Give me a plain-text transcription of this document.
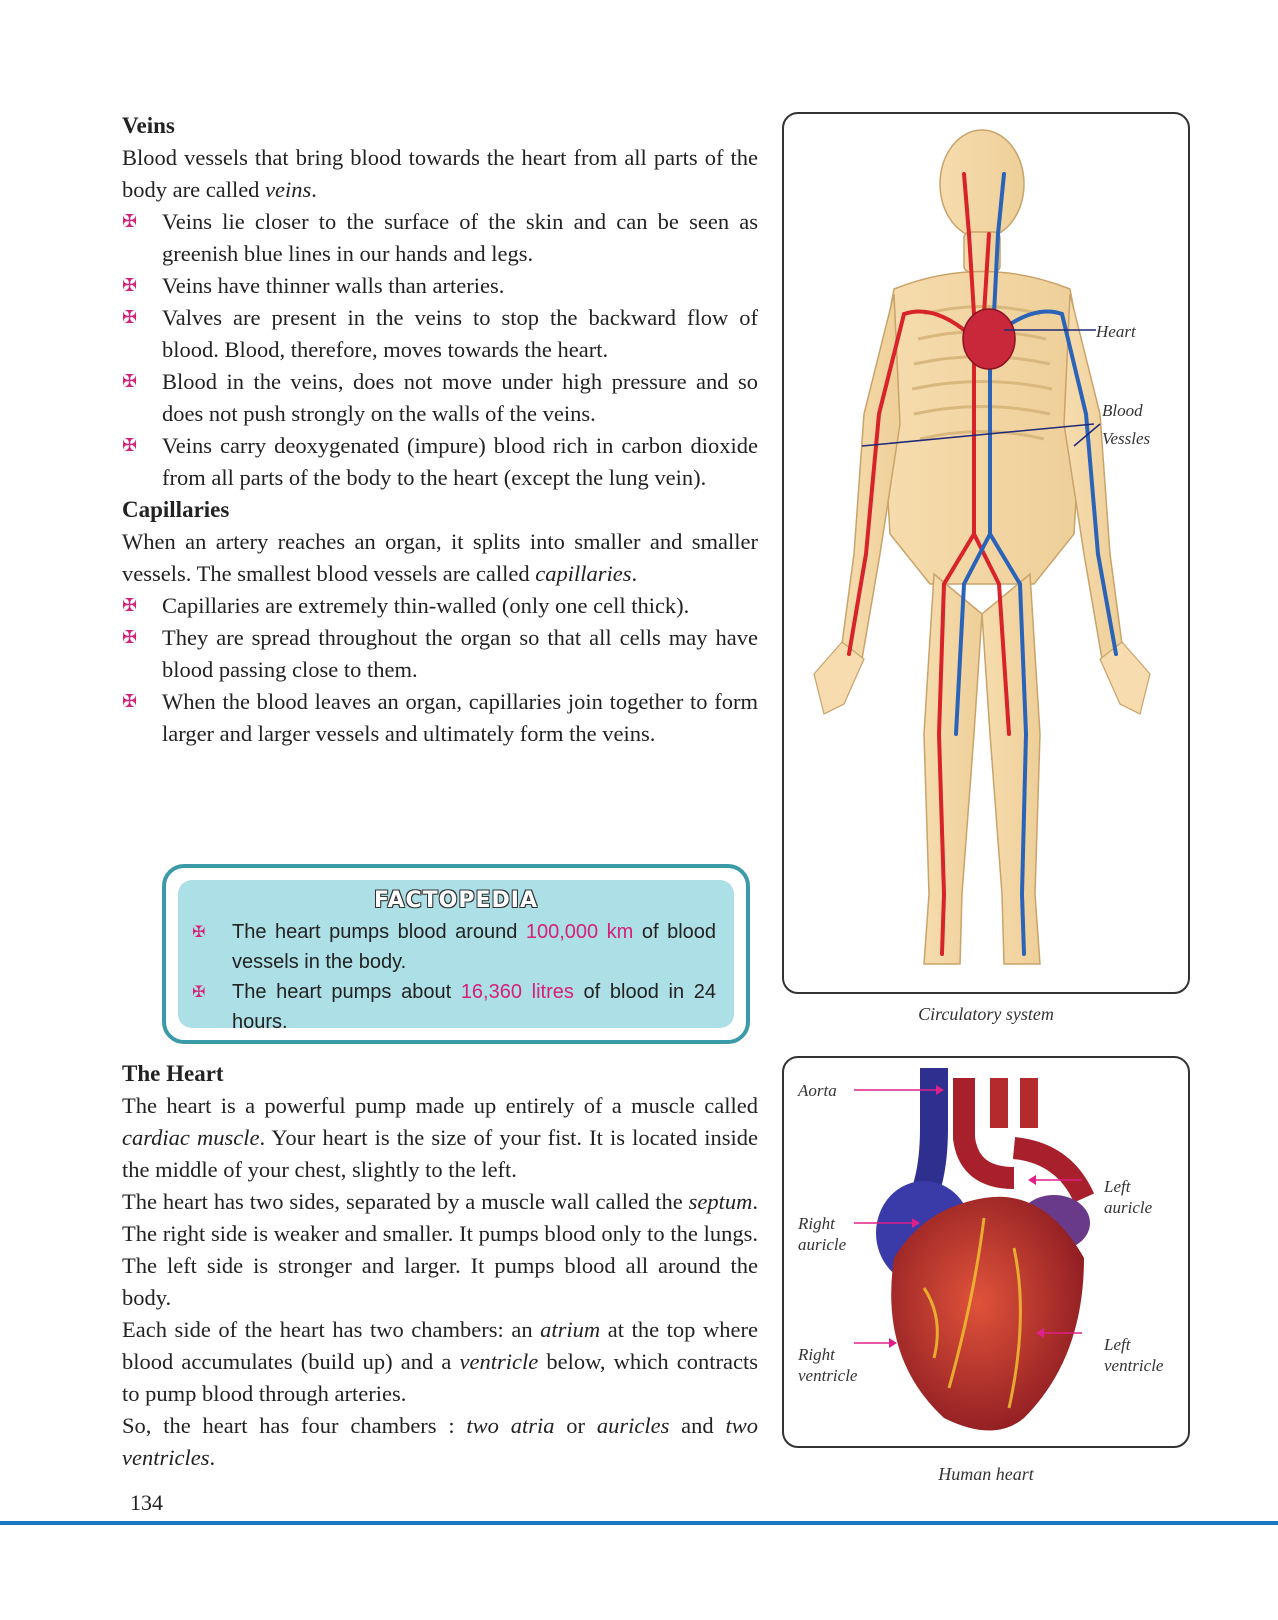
Veins

Blood vessels that bring blood towards the heart from all parts of the body are called veins.

✠ Veins lie closer to the surface of the skin and can be seen as greenish blue lines in our hands and legs.
✠ Veins have thinner walls than arteries.
✠ Valves are present in the veins to stop the backward flow of blood. Blood, therefore, moves towards the heart.
✠ Blood in the veins, does not move under high pressure and so does not push strongly on the walls of the veins.
✠ Veins carry deoxygenated (impure) blood rich in carbon dioxide from all parts of the body to the heart (except the lung vein).
Capillaries

When an artery reaches an organ, it splits into smaller and smaller vessels. The smallest blood vessels are called capillaries.

✠ Capillaries are extremely thin-walled (only one cell thick).
✠ They are spread throughout the organ so that all cells may have blood passing close to them.
✠ When the blood leaves an organ, capillaries join together to form larger and larger vessels and ultimately form the veins.
FACTOPEDIA
✠ The heart pumps blood around 100,000 km of blood vessels in the body.
✠ The heart pumps about 16,360 litres of blood in 24 hours.
The Heart

The heart is a powerful pump made up entirely of a muscle called cardiac muscle. Your heart is the size of your fist. It is located inside the middle of your chest, slightly to the left.

The heart has two sides, separated by a muscle wall called the septum. The right side is weaker and smaller. It pumps blood only to the lungs. The left side is stronger and larger. It pumps blood all around the body.

Each side of the heart has two chambers: an atrium at the top where blood accumulates (build up) and a ventricle below, which contracts to pump blood through arteries.

So, the heart has four chambers : two atria or auricles and two ventricles.

Heart
Blood
Vessles
Circulatory system
Aorta
Left
auricle
Right
auricle
Right
ventricle
Left
ventricle
Human heart
134
